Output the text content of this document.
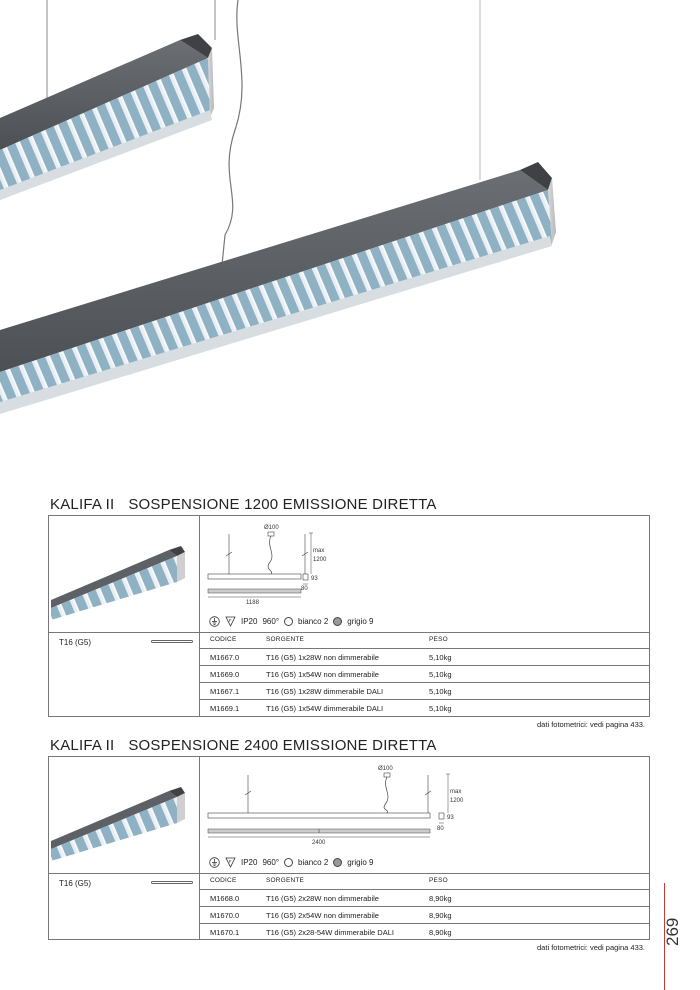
KALIFA II SOSPENSIONE 1200 EMISSIONE DIRETTA
T16 (G5)
Ø100
max
1200
93
80
1188
F IP20 960° bianco 2 grigio 9
CODICE	SORGENTE	PESO
M1667.0	T16 (G5) 1x28W non dimmerabile	5,10kg
M1669.0	T16 (G5) 1x54W non dimmerabile	5,10kg
M1667.1	T16 (G5) 1x28W dimmerabile DALI	5,10kg
M1669.1	T16 (G5) 1x54W dimmerabile DALI	5,10kg
dati fotometrici: vedi pagina 433.
KALIFA II SOSPENSIONE 2400 EMISSIONE DIRETTA
T16 (G5)
Ø100
max
1200
93
80
2400
F IP20 960° bianco 2 grigio 9
CODICE	SORGENTE	PESO
M1668.0	T16 (G5) 2x28W non dimmerabile	8,90kg
M1670.0	T16 (G5) 2x54W non dimmerabile	8,90kg
M1670.1	T16 (G5) 2x28-54W dimmerabile DALI	8,90kg
dati fotometrici: vedi pagina 433.
269
